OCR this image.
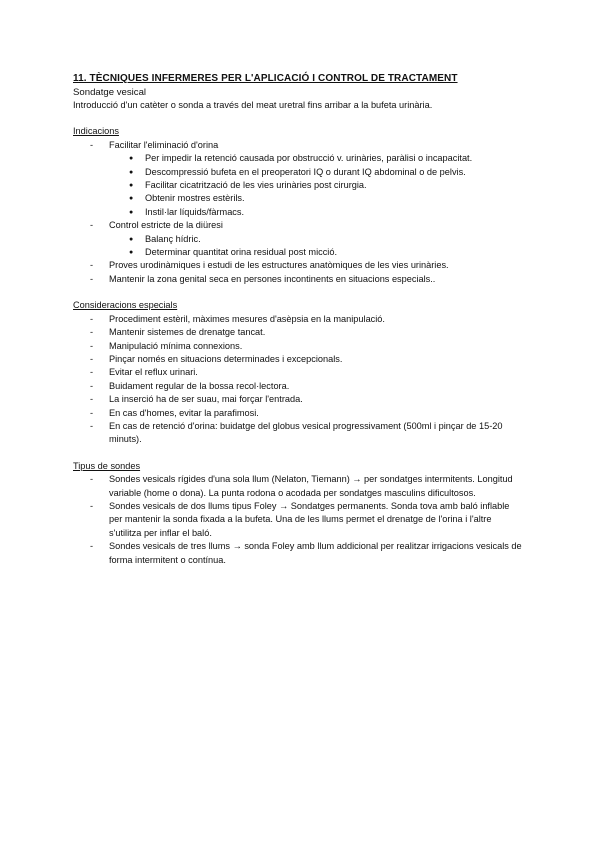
11. TÈCNIQUES INFERMERES PER L'APLICACIÓ I CONTROL DE TRACTAMENT
Sondatge vesical

Introducció d'un catèter o sonda a través del meat uretral fins arribar a la bufeta urinària.

Indicacions
- Facilitar l'eliminació d'orina
● Per impedir la retenció causada por obstrucció v. urinàries, paràlisi o incapacitat.
● Descompressió bufeta en el preoperatori IQ o durant IQ abdominal o de pelvis.
● Facilitar cicatrització de les vies urinàries post cirurgia.
● Obtenir mostres estèrils.
● Instil·lar líquids/fàrmacs.
- Control estricte de la diüresi
● Balanç hídric.
● Determinar quantitat orina residual post micció.
- Proves urodinàmiques i estudi de les estructures anatòmiques de les vies urinàries.
- Mantenir la zona genital seca en persones incontinents en situacions especials..
Consideracions especials
- Procediment estèril, màximes mesures d'asèpsia en la manipulació.
- Mantenir sistemes de drenatge tancat.
- Manipulació mínima connexions.
- Pinçar només en situacions determinades i excepcionals.
- Evitar el reflux urinari.
- Buidament regular de la bossa recol·lectora.
- La inserció ha de ser suau, mai forçar l'entrada.
- En cas d'homes, evitar la parafimosi.
- En cas de retenció d'orina: buidatge del globus vesical progressivament (500ml i pinçar de 15-20 minuts).
Tipus de sondes
- Sondes vesicals rígides d'una sola llum (Nelaton, Tiemann) → per sondatges intermitents. Longitud variable (home o dona). La punta rodona o acodada per sondatges masculins dificultosos.
- Sondes vesicals de dos llums tipus Foley → Sondatges permanents. Sonda tova amb baló inflable per mantenir la sonda fixada a la bufeta. Una de les llums permet el drenatge de l'orina i l'altre s'utilitza per inflar el baló.
- Sondes vesicals de tres llums → sonda Foley amb llum addicional per realitzar irrigacions vesicals de forma intermitent o contínua.
